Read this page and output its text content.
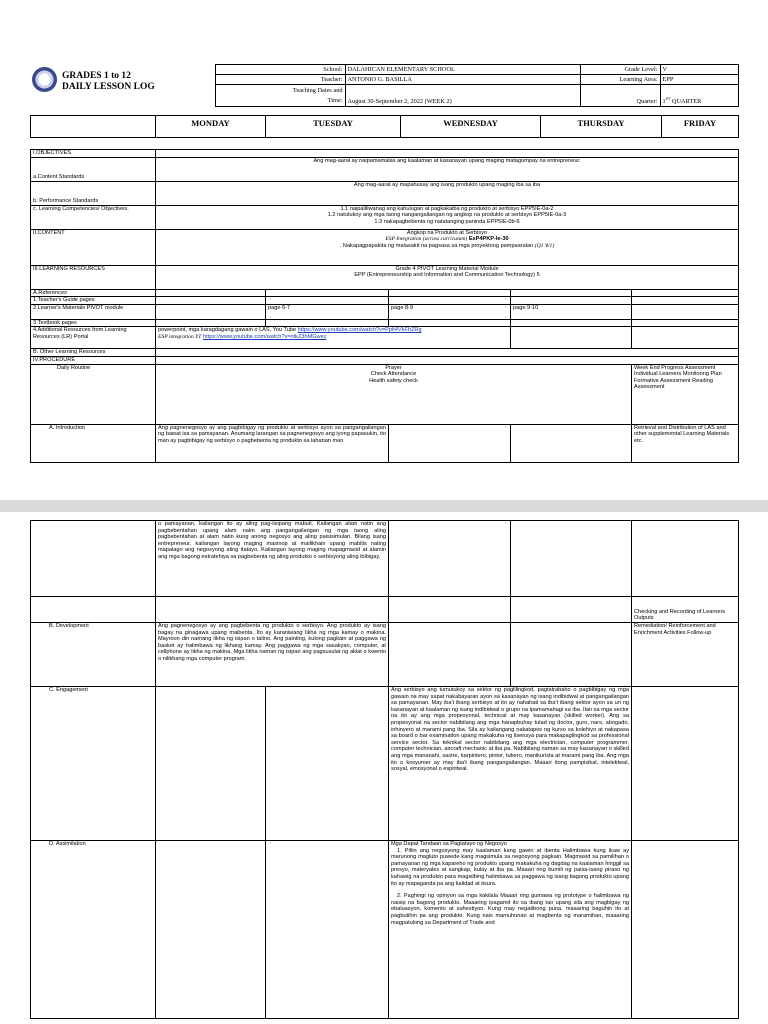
GRADES 1 to 12
DAILY LESSON LOG	School:	DALAHICAN ELEMENTARY SCHOOL	Grade Level:	V
	Teacher:	ANTONIO G. BASILLA	Learning Area:	EPP

	Teaching Dates and
Time:	August 30-September 2, 2022 (WEEK 2)	Quarter:	1ST QUARTER
	MONDAY	TUESDAY	WEDNESDAY	THURSDAY	FRIDAY
I.OBJECTIVES					
a.Content Standards	Ang mag-aaral ay naipamamalas ang kaalaman at kasanayan upang maging matagumpay na entrepreneur.				
b. Performance Standards	Ang mag-aaral ay mapahusay ang isang produkto upang maging iba sa iba				
c. Learning Competencies/ Objectives.	1.1 naipaliliwanag ang kahulugan at pagkakaiba ng produkto at serbisyo EPP5IE-0a-2
1.2 natutukoy ang mga taong nangangailangan ng angkop na produkto at serbisyo EPP5IE-0a-3
1.3 nakapagbebenta ng natatanging paninda EPP5IE-0b-6				

II.CONTENT	Angkop na Produkto at Serbisyo
ESP Integration (across curriculum) EsP4PKP-Ie-30
. Nakapagpapakita ng malasakit na pagsasa sa mga proyektong pampaaralan (Q1 W1)				

III.LEARNING RESOURCES	Grade 4 PIVOT Learning Material Module
EPP (Entrepreneurship and Information and Communication Technology) 5				

A.References					
1.Teacher's Guide pages					
2.Learner's Materials PIVOT module		page 6-7	page 8-9	page 9-10	
3.Textbook pages					
4.Additional Resources from Learning Resources (LR) Portal	powerpoint, mga karagdagang gawain o LAS, You Tube https://www.youtube.com/watch?v=Pplt4VkFhZRg
ESP integration YT https://www.youtube.com/watch?v=ntkZ3hMGwec				

B. Other Learning Resources					
IV.PROCEDURE					
Daily Routine	Prayer
Check Attendance
Health safety check				Week End Progress Assessment Individual Learners Monitoring Plan Formative Assessment Reading Assessment
A. Introduction	Ang pagnenegosyo ay ang pagbibigay ng produkto at serbisyo ayon sa pangangailangan ng bawat isa sa pamayanan. Anumang larangan sa pagnenegosyo ang iyong papasukin, ito man ay pagbibigay ng serbisyo o pagbebenta ng produkto sa lahanan man				Retrieval and Distribution of LAS and other supplemental Learning Materials etc.
	o pamayanan, kailangan ito ay aling pag-iisipang mabuti. Kailangan alam natin ang pagbebentahan upang alam natin ang pangangailangan ng mga taong aling pagbebentahan at alam natin kung anong negosyo ang aling paisisimulan. Bilang isang entrepreneur, kailangan layong maging masinop at mailikhain upang mabilis nating mapalago ang negosyong aling itatayo. Kailangan layong maging mapagmasid at alamin ang mga bagong estratehiya sa pagbebenta ng aling produkto o serbisyong aling ibibigay.				
					Checking and Recording of Learners Outputs
B. Development	Ang pagnenegosyo ay ang pagbebenta ng produkto o serbisyo. Ang produkto ay isang bagay na ginagawa upang maibenta. Ito ay karaniwang likha ng mga kamay o makina. Mayroon din namang likha ng isipan o talino. Ang painting, kulong pagkain at paggawa ng basket ay halimbawa ng likhang kamay. Ang paggawa ng mga sasakyan, computer, at cellphone ay likha ng makina. Mga likha naman ng isipan ang pagsusulat ng aklat o kwento o nilikhang mga computer program.				Remediation/ Reinforcement and Enrichment Activities Follow-up
C. Engagement			Ang serbisyo ang tumutukoy sa sektor ng paglilingkod, pagtatrabaho o pagbibigay ng mga gawain na may sapat nakabayaran ayon sa kasanayan ng isang indibidwal at pangangailangan sa pamayanan. May iba't ibang serbisyo at ito ay nahahati sa iba't ibang sektor ayon sa uri ng kasanayan at kaalaman ng isang indibidwal o grupo na ipamamahagi sa iba. Ilan sa mga sector na ito ay ang mga propesyonal, technical at may kasanayan (skilled worker). Ang sa propesyonal na sector nabibilang ang mga hanapbuhay tulad ng doctor, guro, nars, abogado, inhinyero at marami pang iba. Sila ay kailangang nakatapos ng kurso sa kolehiyo at nakapasa sa board o bar examination upang makakuha ng lisensya para makapaglingkod sa professional service sector. Sa teknikal sector nabibilang ang mga electrician, computer programmer, computer technician, aircraft mechanic at iba pa. Nabibilang naman sa may kasanayan o skilled ang mga mananahi, sastre, karpintero, pintor, tubero, manikurista at marami pang iba. Ang mga ito o kosyumer ay may iba't ibang pangangailangan. Maaari itong pampisikal, intelektwal, sosyal, emosyonal o espiritwal.		
D. Assimilation			Mga Dapat Tandaan sa Pagtatayo ng Negosyo
1. Piliin ang negosyong may kaalaman kang gawin at ibenta Halimbawa kung ikaw ay marunong magluto puwede kang magsimula sa negosyong pagkain. Magmasid sa pamilihan o pamayanan ng mga kapareho ng produkto upang makakuha ng dagdag na kaalaman hinggil sa presyo, materyales at sangkap, kulay at iba pa. Maaari ring bumili ng paisa-isang piraso ng kahawig na produkto para magsilbing halimbawa sa paggawa ng isang bagong produkto upang ito ay mapaganda pa ang kalidad at itsura.
2. Paghingi ng opinyon sa mga kakilala Maaari ring gumawa ng prototype o halimbawa ng naisip na bagong produkto. Maaaring ipagamit ito sa ibang tao upang sila ang magbigay ng ebaluasyon, komento at suhestiyon. Kung may negatibong puna, maaaring baguhin ito at pagbutihin pa ang produkto. Kung nais mamuhunan at magbenta ng maramihan, maaaring magpatulong sa Department of Trade and		
